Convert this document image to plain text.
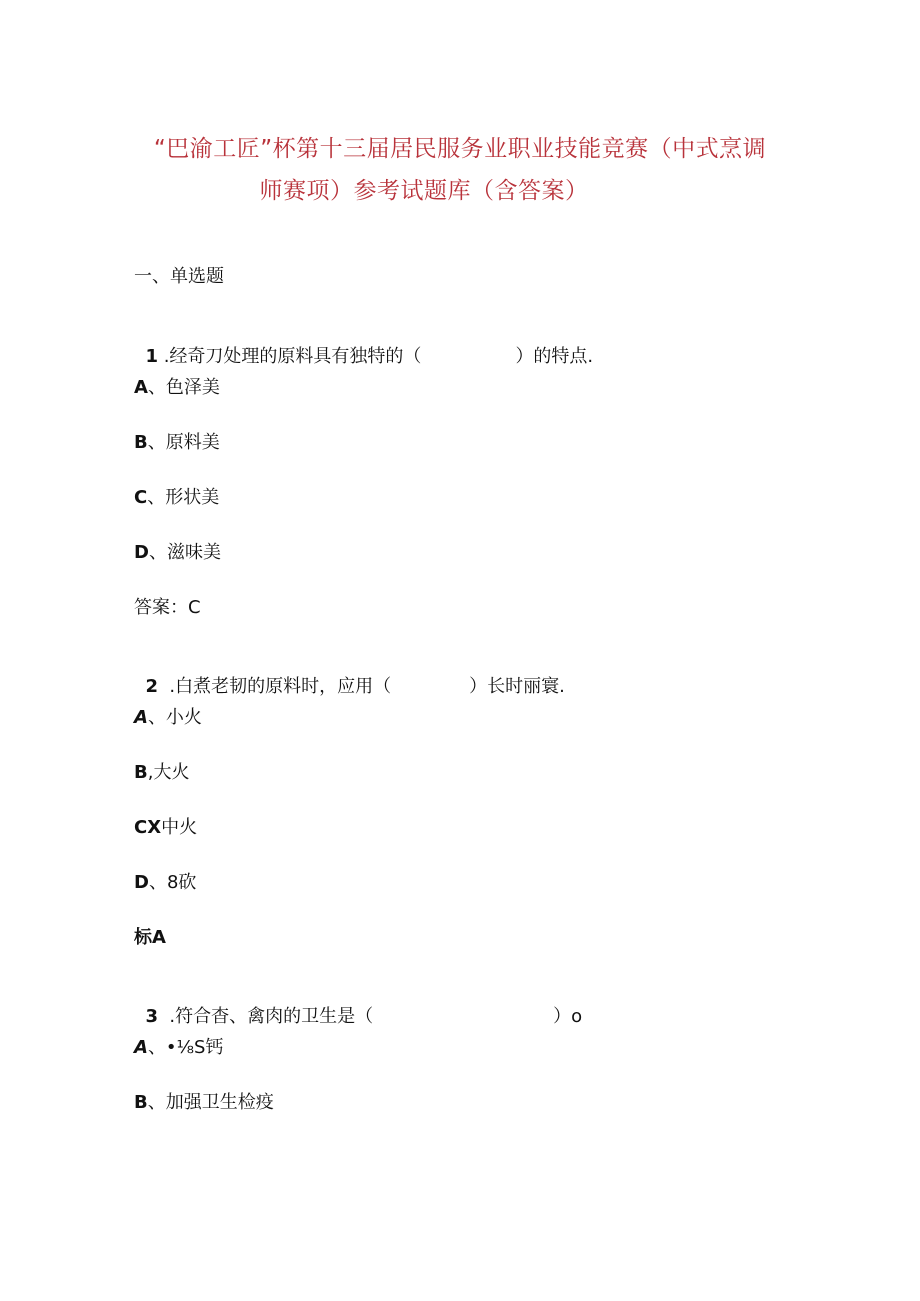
“巴渝工匠”杯第十三届居民服务业职业技能竞赛（中式烹调
师赛项）参考试题库（含答案）
一、单选题

1 .经奇刀处理的原料具有独特的（	）的特点.

A、色泽美
B、原料美
C、形状美
D、滋味美
答案：C

2  .白煮老韧的原料时，应用（	）长时丽寰.

A、小火
B,大火
CX中火
D、8砍
标A

3  .符合杳、禽肉的卫生是（	）o

A、•⅛S钙
B、加强卫生检疫
